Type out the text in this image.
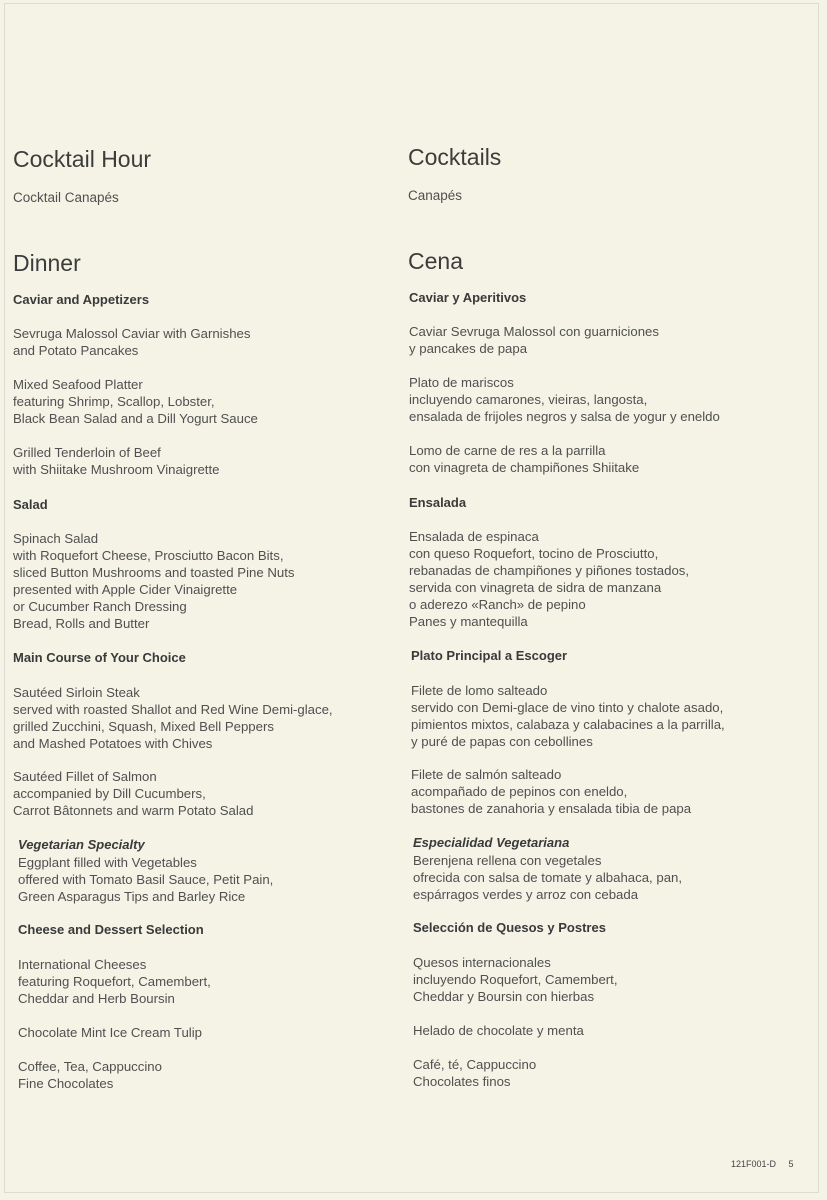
Cocktail Hour
Cocktail Canapés
Dinner
Caviar and Appetizers
Sevruga Malossol Caviar with Garnishes
and Potato Pancakes
Mixed Seafood Platter
featuring Shrimp, Scallop, Lobster,
Black Bean Salad and a Dill Yogurt Sauce
Grilled Tenderloin of Beef
with Shiitake Mushroom Vinaigrette
Salad
Spinach Salad
with Roquefort Cheese, Prosciutto Bacon Bits,
sliced Button Mushrooms and toasted Pine Nuts
presented with Apple Cider Vinaigrette
or Cucumber Ranch Dressing
Bread, Rolls and Butter
Main Course of Your Choice
Sautéed Sirloin Steak
served with roasted Shallot and Red Wine Demi-glace,
grilled Zucchini, Squash, Mixed Bell Peppers
and Mashed Potatoes with Chives
Sautéed Fillet of Salmon
accompanied by Dill Cucumbers,
Carrot Bâtonnets and warm Potato Salad
Vegetarian Specialty
Eggplant filled with Vegetables
offered with Tomato Basil Sauce, Petit Pain,
Green Asparagus Tips and Barley Rice
Cheese and Dessert Selection
International Cheeses
featuring Roquefort, Camembert,
Cheddar and Herb Boursin
Chocolate Mint Ice Cream Tulip
Coffee, Tea, Cappuccino
Fine Chocolates
Cocktails
Canapés
Cena
Caviar y Aperitivos
Caviar Sevruga Malossol con guarniciones
y pancakes de papa
Plato de mariscos
incluyendo camarones, vieiras, langosta,
ensalada de frijoles negros y salsa de yogur y eneldo
Lomo de carne de res a la parrilla
con vinagreta de champiñones Shiitake
Ensalada
Ensalada de espinaca
con queso Roquefort, tocino de Prosciutto,
rebanadas de champiñones y piñones tostados,
servida con vinagreta de sidra de manzana
o aderezo «Ranch» de pepino
Panes y mantequilla
Plato Principal a Escoger
Filete de lomo salteado
servido con Demi-glace de vino tinto y chalote asado,
pimientos mixtos, calabaza y calabacines a la parrilla,
y puré de papas con cebollines
Filete de salmón salteado
acompañado de pepinos con eneldo,
bastones de zanahoria y ensalada tibia de papa
Especialidad Vegetariana
Berenjena rellena con vegetales
ofrecida con salsa de tomate y albahaca, pan,
espárragos verdes y arroz con cebada
Selección de Quesos y Postres
Quesos internacionales
incluyendo Roquefort, Camembert,
Cheddar y Boursin con hierbas
Helado de chocolate y menta
Café, té, Cappuccino
Chocolates finos
121F001-D 5
